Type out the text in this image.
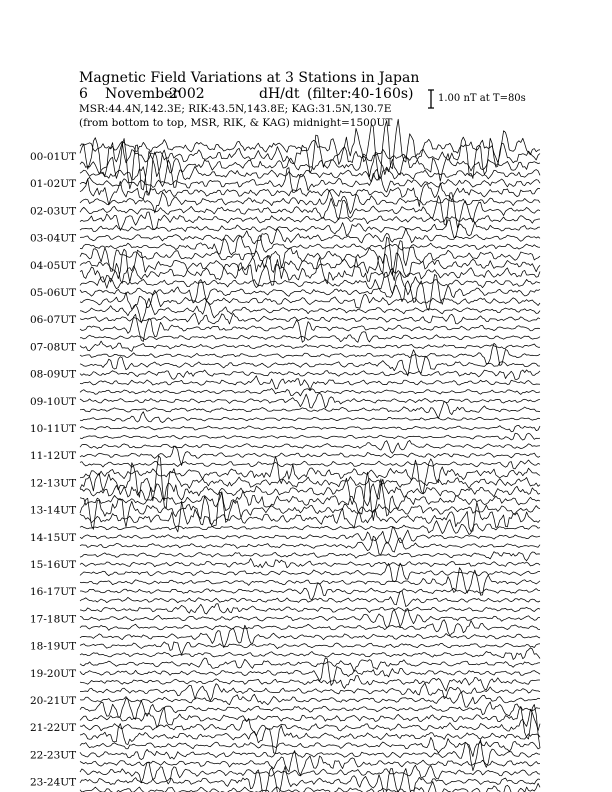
Magnetic Field Variations at 3 Stations in Japan
6 November
2002	dH/dt (filter:40-160s)
MSR:44.4N,142.3E; RIK:43.5N,143.8E; KAG:31.5N,130.7E
(from bottom to top, MSR, RIK, & KAG) midnight=1500UT
1.00 nT at T=80s
00-01UT
01-02UT
02-03UT
03-04UT
04-05UT
05-06UT
06-07UT
07-08UT
08-09UT
09-10UT
10-11UT
11-12UT
12-13UT
13-14UT
14-15UT
15-16UT
16-17UT
17-18UT
18-19UT
19-20UT
20-21UT
21-22UT
22-23UT
23-24UT
